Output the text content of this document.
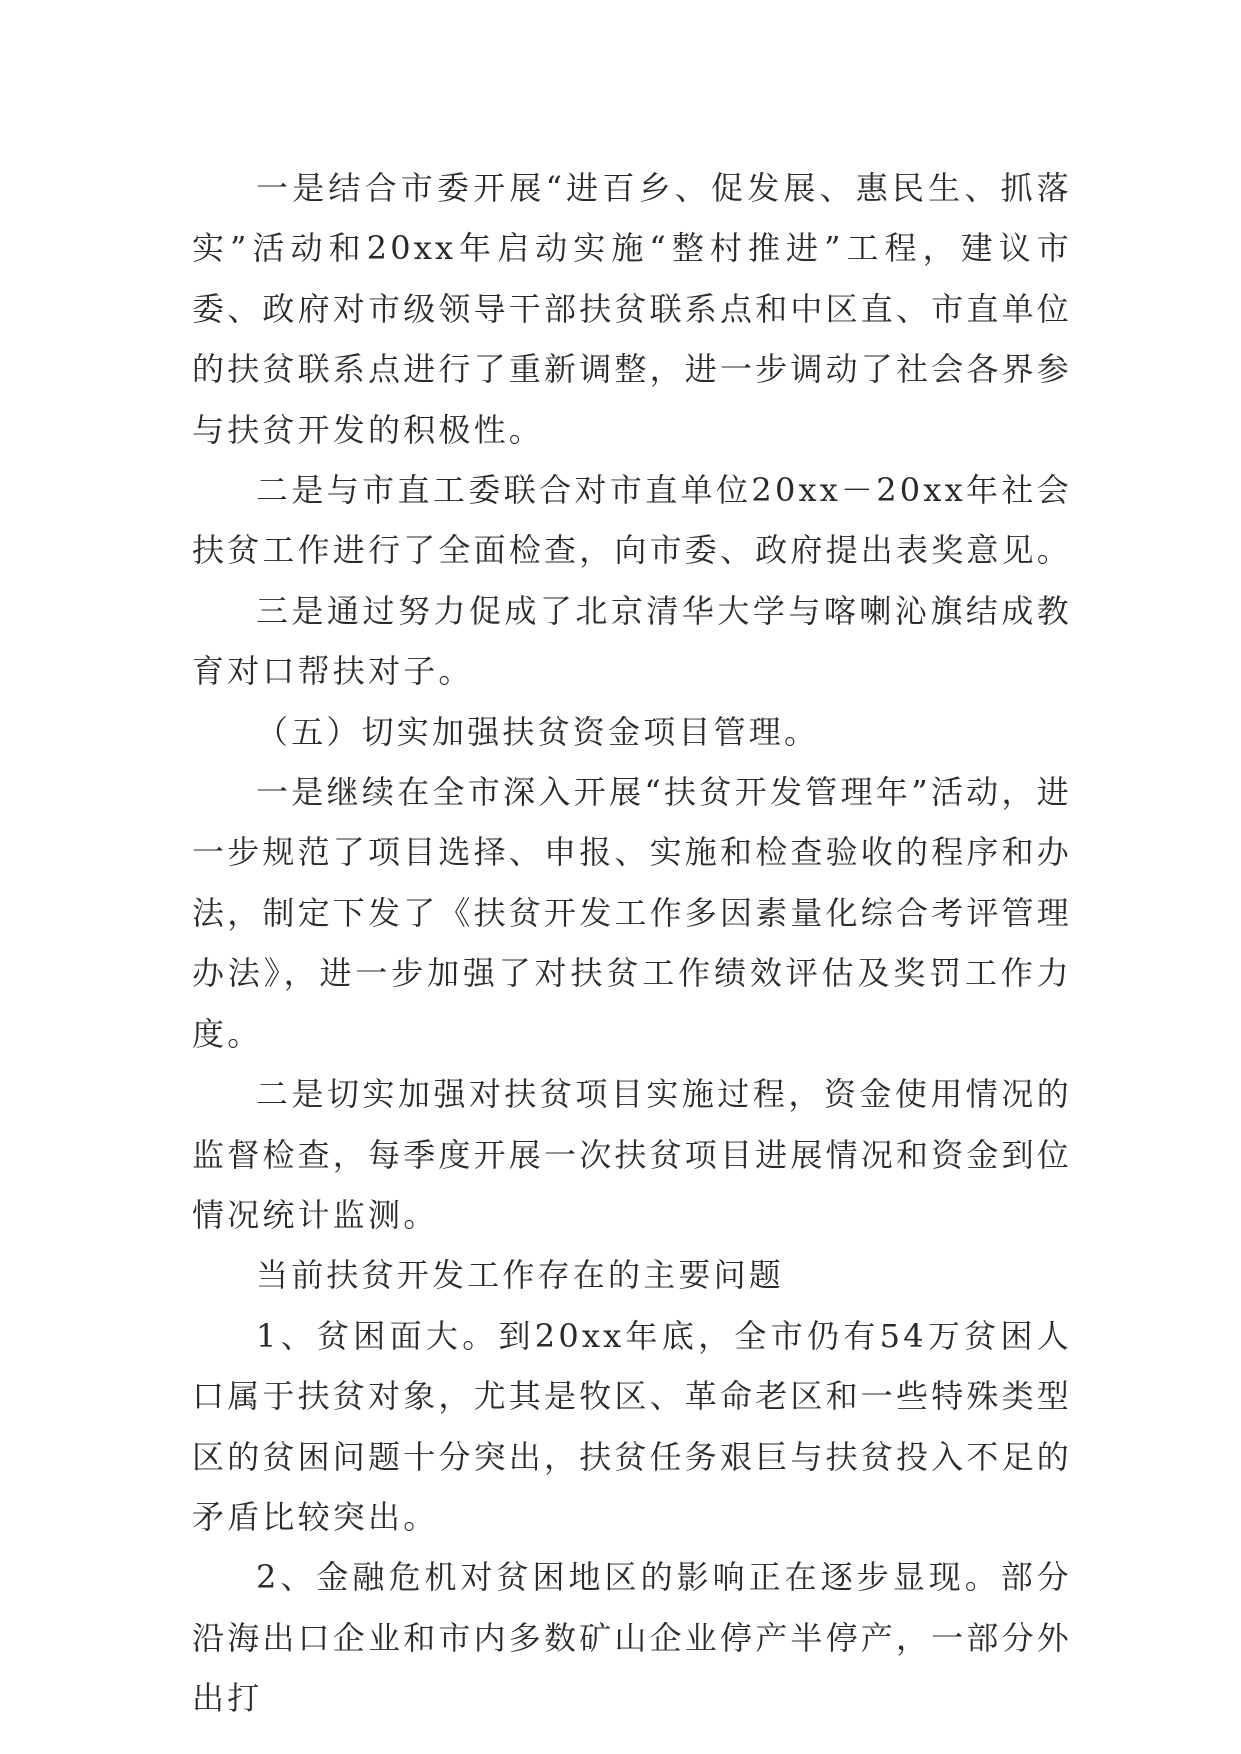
一是结合市委开展“进百乡、促发展、惠民生、抓落实”活动和20xx年启动实施“整村推进”工程，建议市委、政府对市级领导干部扶贫联系点和中区直、市直单位的扶贫联系点进行了重新调整，进一步调动了社会各界参与扶贫开发的积极性。

二是与市直工委联合对市直单位20xx－20xx年社会扶贫工作进行了全面检查，向市委、政府提出表奖意见。

三是通过努力促成了北京清华大学与喀喇沁旗结成教育对口帮扶对子。

（五）切实加强扶贫资金项目管理。

一是继续在全市深入开展“扶贫开发管理年”活动，进一步规范了项目选择、申报、实施和检查验收的程序和办法，制定下发了《扶贫开发工作多因素量化综合考评管理办法》，进一步加强了对扶贫工作绩效评估及奖罚工作力度。

二是切实加强对扶贫项目实施过程，资金使用情况的监督检查，每季度开展一次扶贫项目进展情况和资金到位情况统计监测。

当前扶贫开发工作存在的主要问题

1、贫困面大。到20xx年底，全市仍有54万贫困人口属于扶贫对象，尤其是牧区、革命老区和一些特殊类型区的贫困问题十分突出，扶贫任务艰巨与扶贫投入不足的矛盾比较突出。

2、金融危机对贫困地区的影响正在逐步显现。部分沿海出口企业和市内多数矿山企业停产半停产，一部分外出打
